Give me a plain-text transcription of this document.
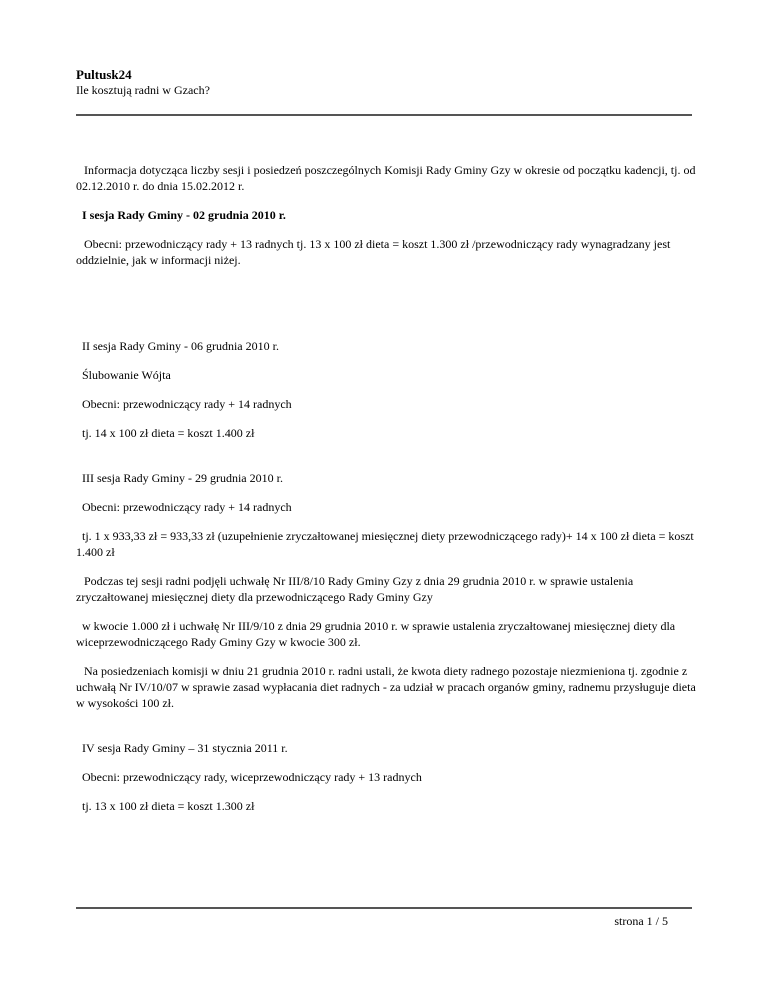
Pultusk24
Ile kosztują radni w Gzach?

Informacja dotycząca liczby sesji i posiedzeń poszczególnych Komisji Rady Gminy Gzy w okresie od początku kadencji, tj. od 02.12.2010 r. do dnia 15.02.2012 r.

I sesja Rady Gminy - 02 grudnia 2010 r.

Obecni: przewodniczący rady + 13 radnych tj. 13 x 100 zł dieta = koszt 1.300 zł /przewodniczący rady wynagradzany jest oddzielnie, jak w informacji niżej.

II sesja Rady Gminy - 06 grudnia 2010 r.

Ślubowanie Wójta

Obecni: przewodniczący rady + 14 radnych

tj. 14 x 100 zł dieta = koszt 1.400 zł

III sesja Rady Gminy - 29 grudnia 2010 r.

Obecni: przewodniczący rady + 14 radnych

tj. 1 x 933,33 zł = 933,33 zł (uzupełnienie zryczałtowanej miesięcznej diety przewodniczącego rady)+ 14 x 100 zł dieta = koszt 1.400 zł

Podczas tej sesji radni podjęli uchwałę Nr III/8/10 Rady Gminy Gzy z dnia 29 grudnia 2010 r. w sprawie ustalenia zryczałtowanej miesięcznej diety dla przewodniczącego Rady Gminy Gzy

w kwocie 1.000 zł i uchwałę Nr III/9/10 z dnia 29 grudnia 2010 r. w sprawie ustalenia zryczałtowanej miesięcznej diety dla wiceprzewodniczącego Rady Gminy Gzy w kwocie 300 zł.

Na posiedzeniach komisji w dniu 21 grudnia 2010 r. radni ustali, że kwota diety radnego pozostaje niezmieniona tj. zgodnie z uchwałą Nr IV/10/07 w sprawie zasad wypłacania diet radnych - za udział w pracach organów gminy, radnemu przysługuje dieta w wysokości 100 zł.

IV sesja Rady Gminy – 31 stycznia 2011 r.

Obecni: przewodniczący rady, wiceprzewodniczący rady + 13 radnych

tj. 13 x 100 zł dieta = koszt 1.300 zł

strona 1 / 5
